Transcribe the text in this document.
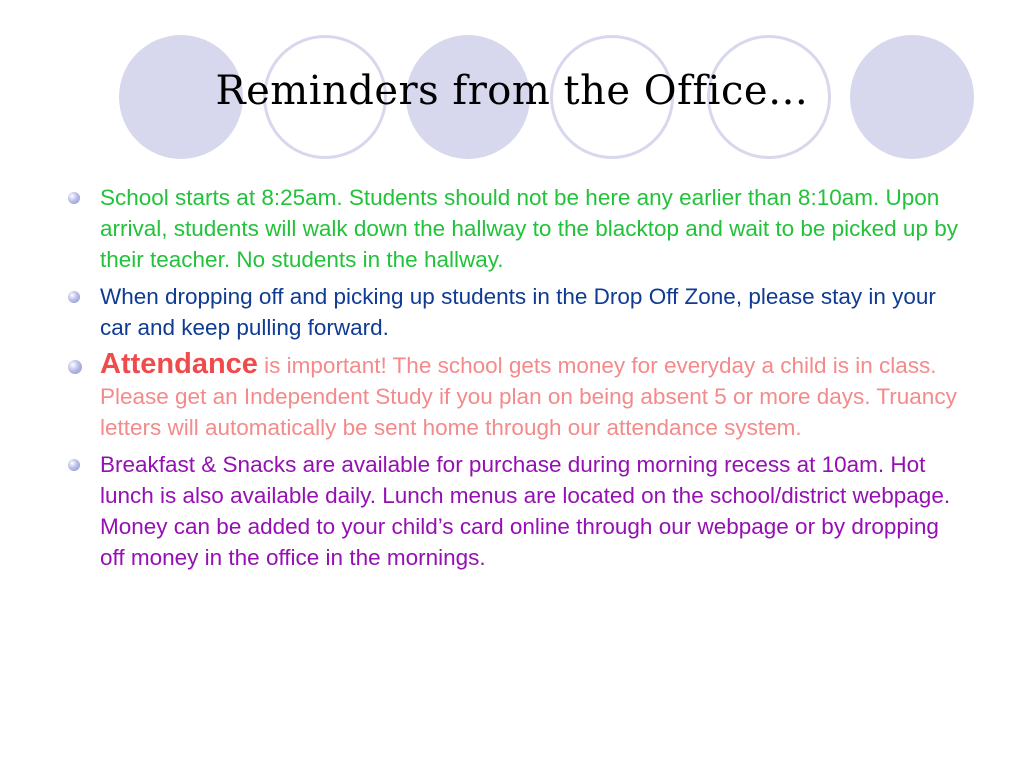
Reminders from the Office…
School starts at 8:25am. Students should not be here any earlier than 8:10am. Upon arrival, students will walk down the hallway to the blacktop and wait to be picked up by their teacher. No students in the hallway.
When dropping off and picking up students in the Drop Off Zone, please stay in your car and keep pulling forward.
Attendance is important! The school gets money for everyday a child is in class. Please get an Independent Study if you plan on being absent 5 or more days. Truancy letters will automatically be sent home through our attendance system.
Breakfast & Snacks are available for purchase during morning recess at 10am. Hot lunch is also available daily. Lunch menus are located on the school/district webpage. Money can be added to your child’s card online through our webpage or by dropping off money in the office in the mornings.
